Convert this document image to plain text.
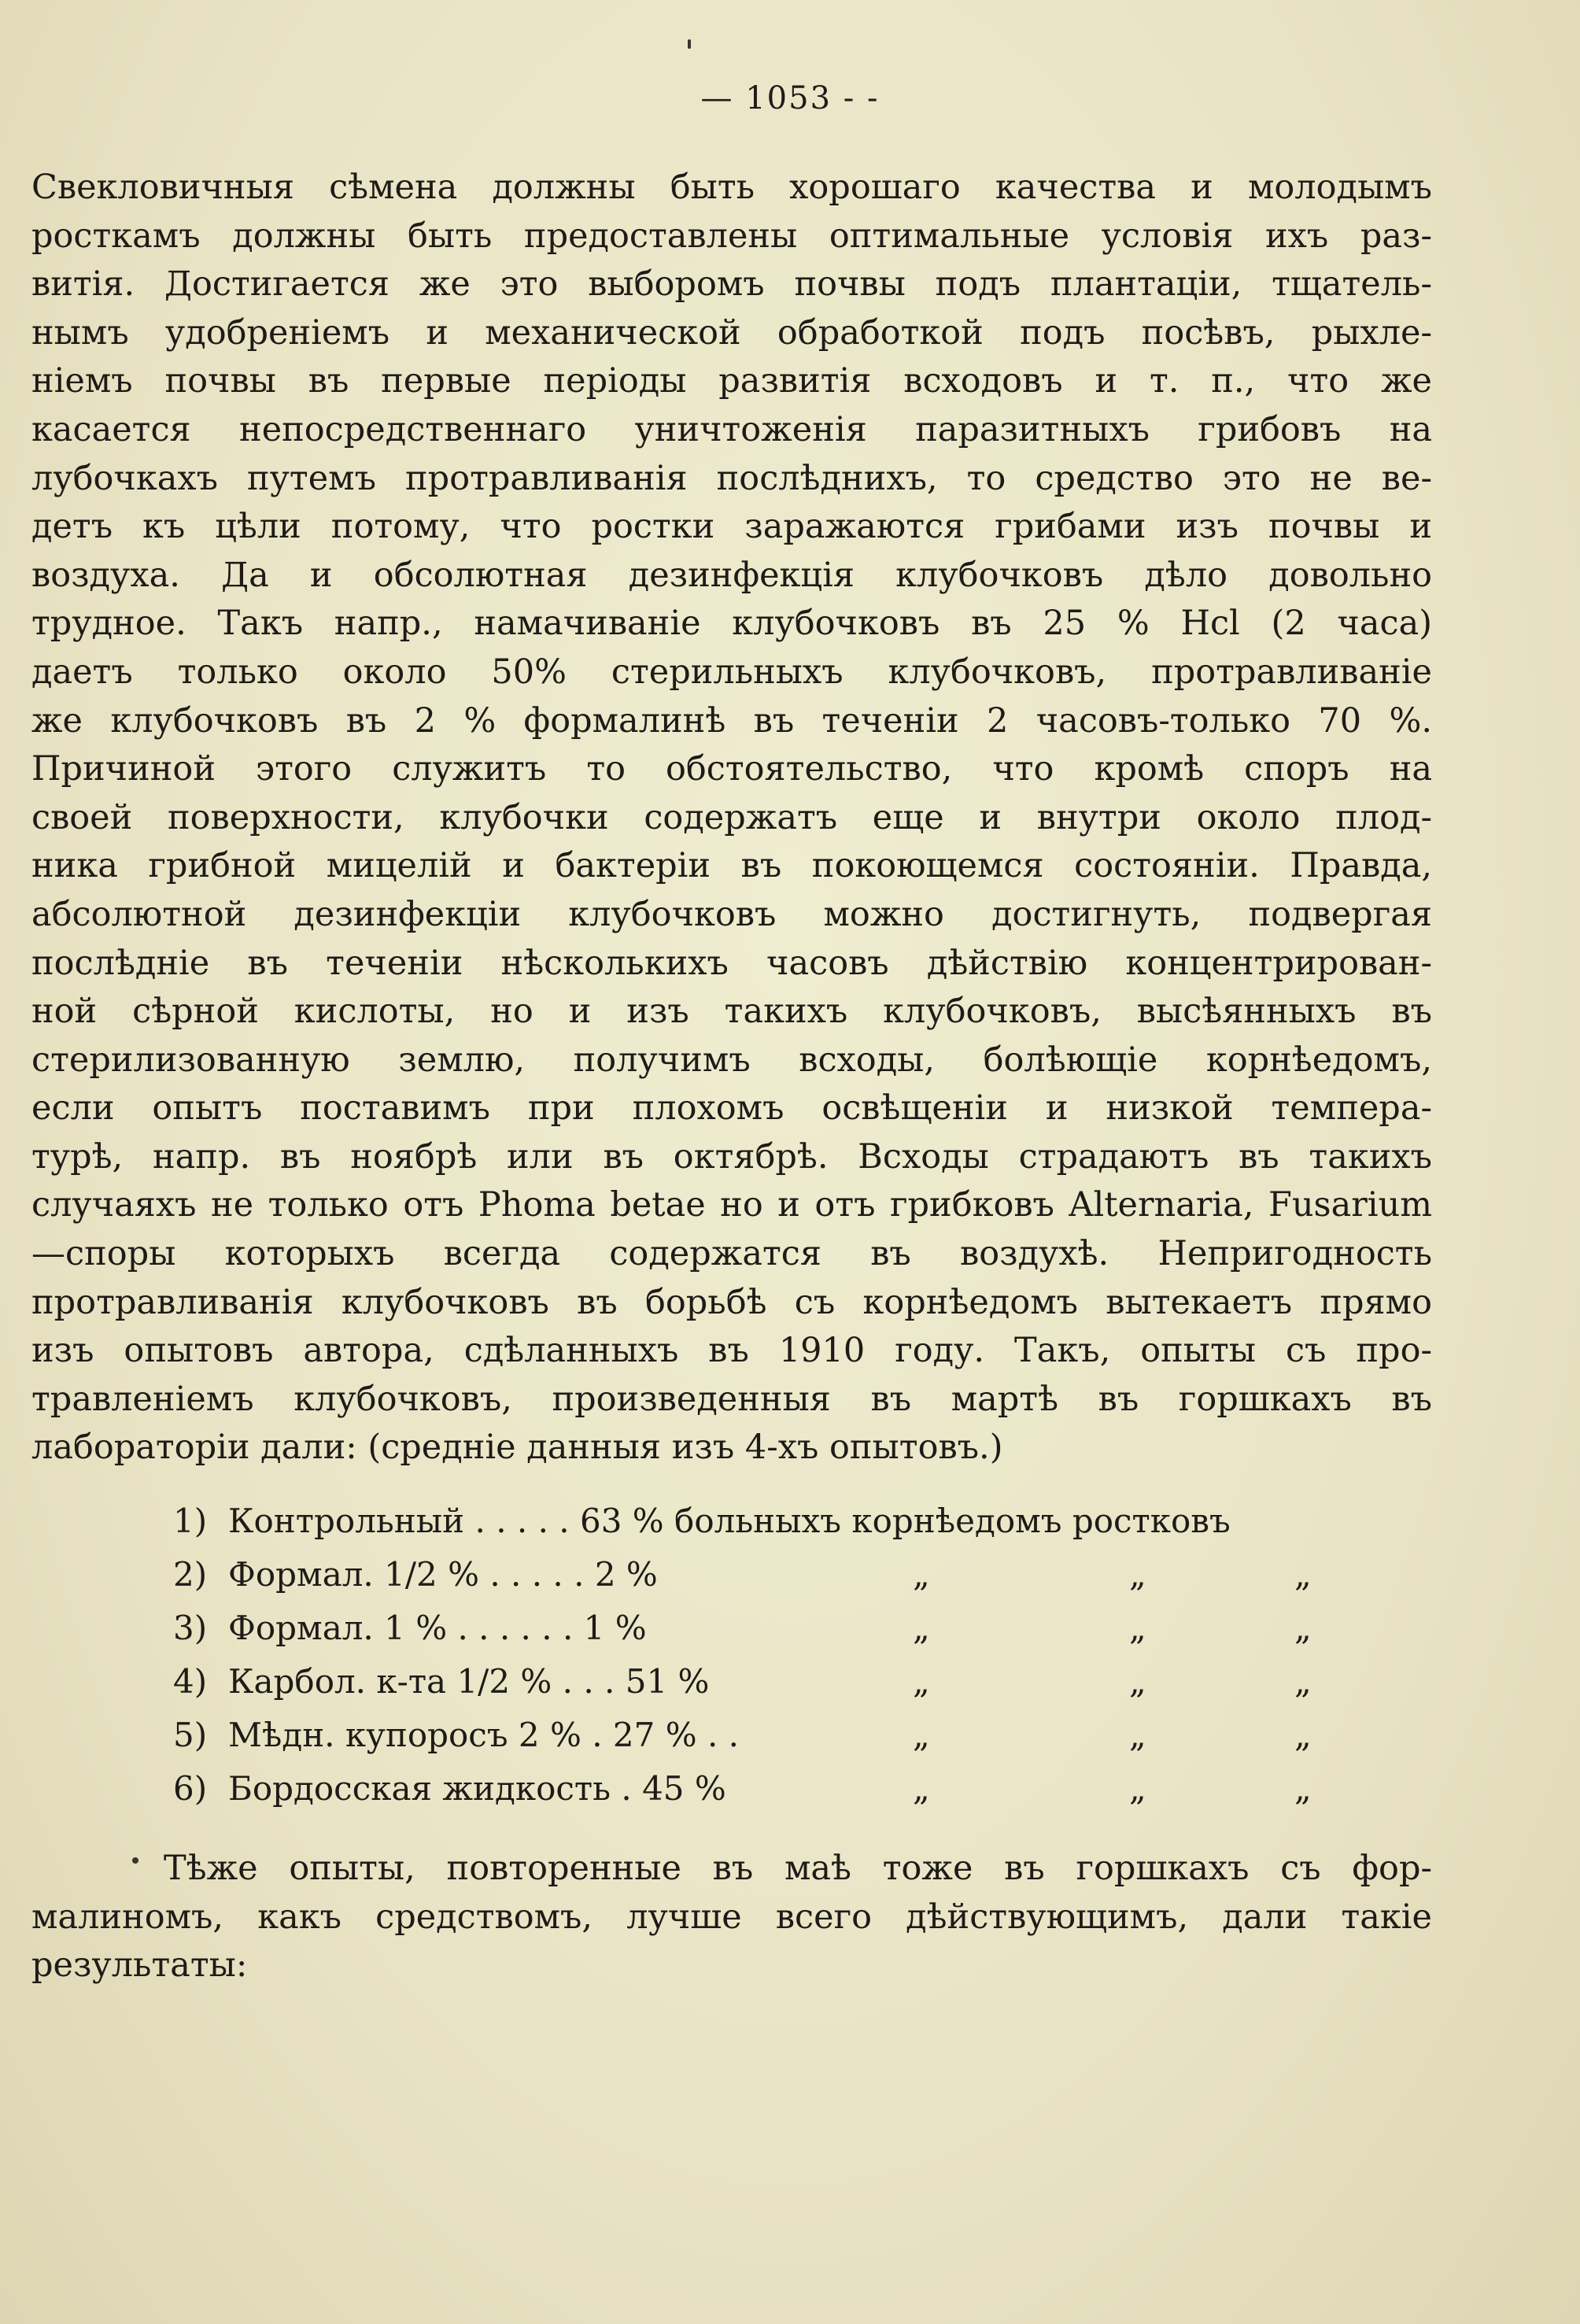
— 1053 - -
Свекловичныя сѣмена должны быть хорошаго качества и молодымъ
росткамъ должны быть предоставлены оптимальные условія ихъ раз-
витія. Достигается же это выборомъ почвы подъ плантаціи, тщатель-
нымъ удобреніемъ и механической обработкой подъ посѣвъ, рыхле-
ніемъ почвы въ первые періоды развитія всходовъ и т. п., что же
касается непосредственнаго уничтоженія паразитныхъ грибовъ на
лубочкахъ путемъ протравливанія послѣднихъ, то средство это не ве-
детъ къ цѣли потому, что ростки заражаются грибами изъ почвы и
воздуха. Да и обсолютная дезинфекція клубочковъ дѣло довольно
трудное. Такъ напр., намачиваніе клубочковъ въ 25 % Hcl (2 часа)
даетъ только около 50% стерильныхъ клубочковъ, протравливаніе
же клубочковъ въ 2 % формалинѣ въ теченіи 2 часовъ-только 70 %.
Причиной этого служитъ то обстоятельство, что кромѣ споръ на
своей поверхности, клубочки содержатъ еще и внутри около плод-
ника грибной мицелій и бактеріи въ покоющемся состояніи. Правда,
абсолютной дезинфекціи клубочковъ можно достигнуть, подвергая
послѣдніе въ теченіи нѣсколькихъ часовъ дѣйствію концентрирован-
ной сѣрной кислоты, но и изъ такихъ клубочковъ, высѣянныхъ въ
стерилизованную землю, получимъ всходы, болѣющіе корнѣедомъ,
если опытъ поставимъ при плохомъ освѣщеніи и низкой темпера-
турѣ, напр. въ ноябрѣ или въ октябрѣ. Всходы страдаютъ въ такихъ
случаяхъ не только отъ Phoma betae но и отъ грибковъ Alternaria, Fusarium
—споры которыхъ всегда содержатся въ воздухѣ. Непригодность
протравливанія клубочковъ въ борьбѣ съ корнѣедомъ вытекаетъ прямо
изъ опытовъ автора, сдѣланныхъ въ 1910 году. Такъ, опыты съ про-
травленіемъ клубочковъ, произведенныя въ мартѣ въ горшкахъ въ
лабораторіи дали: (средніе данныя изъ 4-хъ опытовъ.)
1) Контрольный . . . . . 63 % больныхъ корнѣедомъ ростковъ
2) Формал. 1/2 % . . . . . 2 %	„	„	„
3) Формал. 1 % . . . . . . 1 %	„	„	„
4) Карбол. к-та 1/2 % . . . 51 %	„	„	„
5) Мѣдн. купоросъ 2 % . 27 % . .	„	„	„
6) Бордосская жидкость . 45 %	„	„	„
Тѣже опыты, повторенные въ маѣ тоже въ горшкахъ съ фор-
малиномъ, какъ средствомъ, лучше всего дѣйствующимъ, дали такіе
результаты:
